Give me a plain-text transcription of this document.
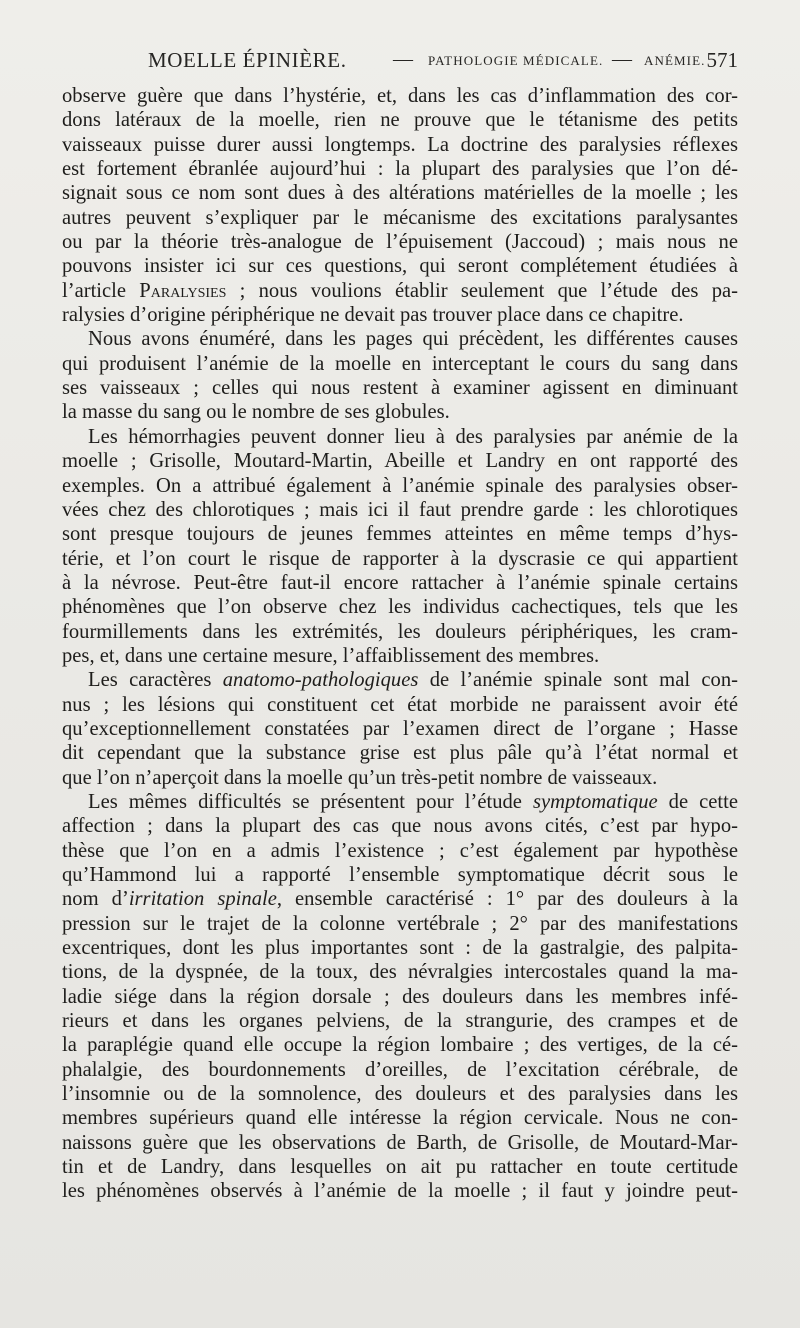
MOELLE ÉPINIÈRE. — PATHOLOGIE MÉDICALE. — ANÉMIE. 571
observe guère que dans l’hystérie, et, dans les cas d’inflammation des cor-
dons latéraux de la moelle, rien ne prouve que le tétanisme des petits
vaisseaux puisse durer aussi longtemps. La doctrine des paralysies réflexes
est fortement ébranlée aujourd’hui : la plupart des paralysies que l’on dé-
signait sous ce nom sont dues à des altérations matérielles de la moelle ; les
autres peuvent s’expliquer par le mécanisme des excitations paralysantes
ou par la théorie très-analogue de l’épuisement (Jaccoud) ; mais nous ne
pouvons insister ici sur ces questions, qui seront complétement étudiées à
l’article Paralysies ; nous voulions établir seulement que l’étude des pa-
ralysies d’origine périphérique ne devait pas trouver place dans ce chapitre.
Nous avons énuméré, dans les pages qui précèdent, les différentes causes
qui produisent l’anémie de la moelle en interceptant le cours du sang dans
ses vaisseaux ; celles qui nous restent à examiner agissent en diminuant
la masse du sang ou le nombre de ses globules.
Les hémorrhagies peuvent donner lieu à des paralysies par anémie de la
moelle ; Grisolle, Moutard-Martin, Abeille et Landry en ont rapporté des
exemples. On a attribué également à l’anémie spinale des paralysies obser-
vées chez des chlorotiques ; mais ici il faut prendre garde : les chlorotiques
sont presque toujours de jeunes femmes atteintes en même temps d’hys-
térie, et l’on court le risque de rapporter à la dyscrasie ce qui appartient
à la névrose. Peut-être faut-il encore rattacher à l’anémie spinale certains
phénomènes que l’on observe chez les individus cachectiques, tels que les
fourmillements dans les extrémités, les douleurs périphériques, les cram-
pes, et, dans une certaine mesure, l’affaiblissement des membres.
Les caractères anatomo-pathologiques de l’anémie spinale sont mal con-
nus ; les lésions qui constituent cet état morbide ne paraissent avoir été
qu’exceptionnellement constatées par l’examen direct de l’organe ; Hasse
dit cependant que la substance grise est plus pâle qu’à l’état normal et
que l’on n’aperçoit dans la moelle qu’un très-petit nombre de vaisseaux.
Les mêmes difficultés se présentent pour l’étude symptomatique de cette
affection ; dans la plupart des cas que nous avons cités, c’est par hypo-
thèse que l’on en a admis l’existence ; c’est également par hypothèse
qu’Hammond lui a rapporté l’ensemble symptomatique décrit sous le
nom d’irritation spinale, ensemble caractérisé : 1° par des douleurs à la
pression sur le trajet de la colonne vertébrale ; 2° par des manifestations
excentriques, dont les plus importantes sont : de la gastralgie, des palpita-
tions, de la dyspnée, de la toux, des névralgies intercostales quand la ma-
ladie siége dans la région dorsale ; des douleurs dans les membres infé-
rieurs et dans les organes pelviens, de la strangurie, des crampes et de
la paraplégie quand elle occupe la région lombaire ; des vertiges, de la cé-
phalalgie, des bourdonnements d’oreilles, de l’excitation cérébrale, de
l’insomnie ou de la somnolence, des douleurs et des paralysies dans les
membres supérieurs quand elle intéresse la région cervicale. Nous ne con-
naissons guère que les observations de Barth, de Grisolle, de Moutard-Mar-
tin et de Landry, dans lesquelles on ait pu rattacher en toute certitude
les phénomènes observés à l’anémie de la moelle ; il faut y joindre peut-
